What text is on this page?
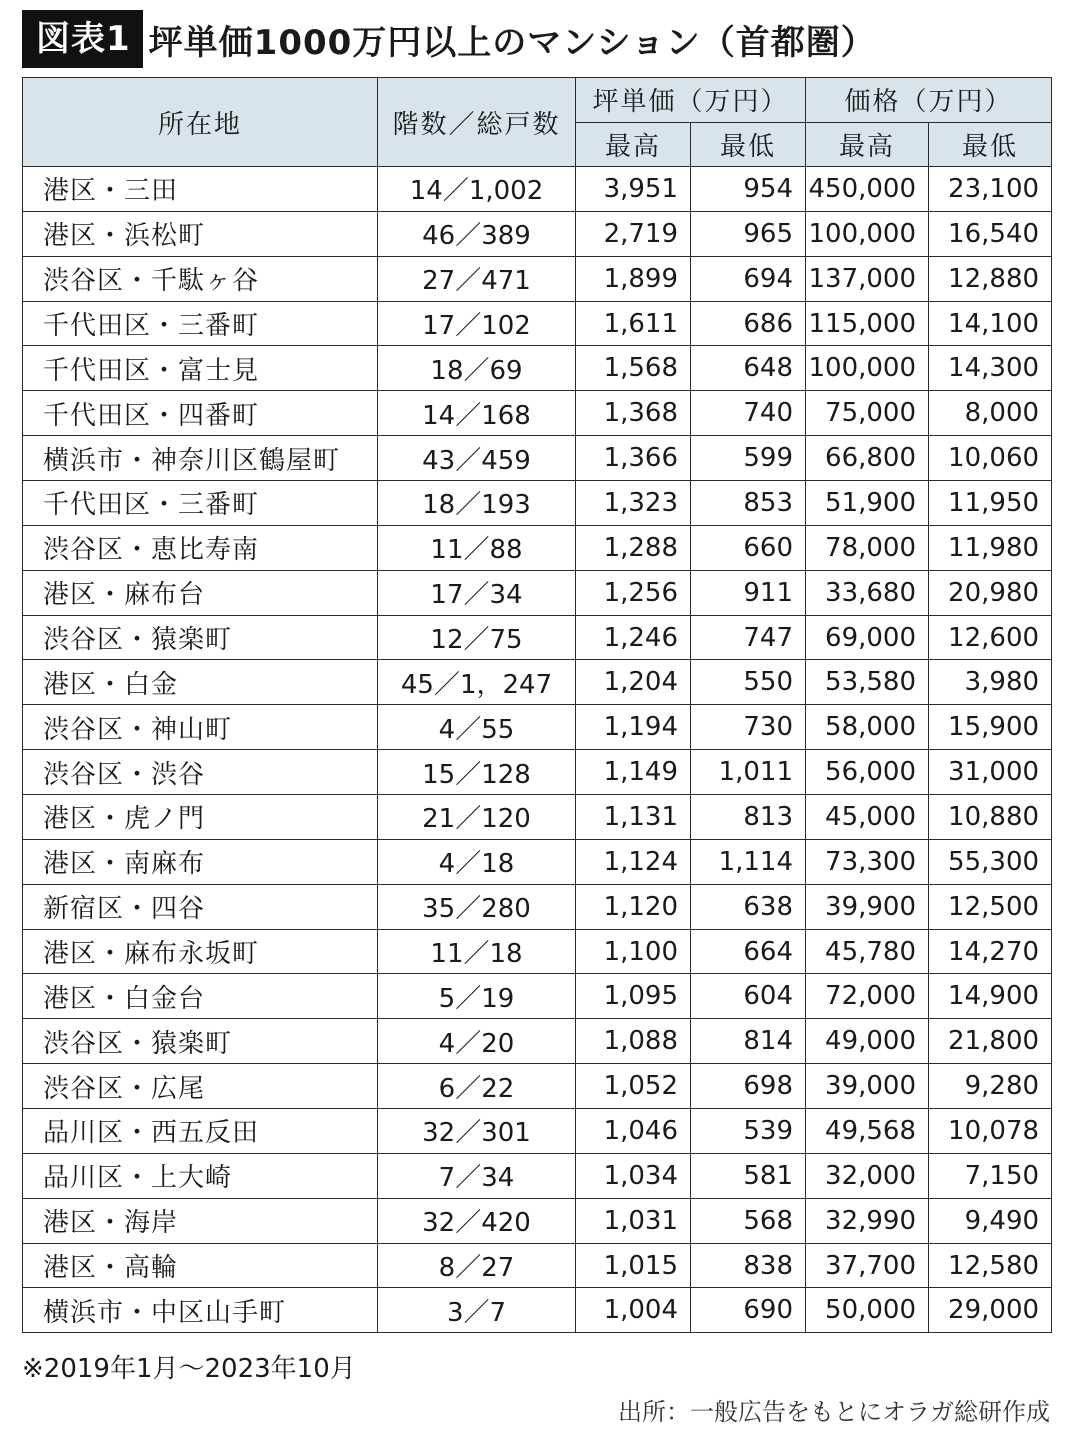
図表1 坪単価1000万円以上のマンション（首都圏）
所在地	階数／総戸数	坪単価（万円）		価格（万円）	
		最高	最低	最高	最低
港区・三田	14／1,002	3,951	954	450,000	23,100
港区・浜松町	46／389	2,719	965	100,000	16,540
渋谷区・千駄ヶ谷	27／471	1,899	694	137,000	12,880
千代田区・三番町	17／102	1,611	686	115,000	14,100
千代田区・富士見	18／69	1,568	648	100,000	14,300
千代田区・四番町	14／168	1,368	740	75,000	8,000
横浜市・神奈川区鶴屋町	43／459	1,366	599	66,800	10,060
千代田区・三番町	18／193	1,323	853	51,900	11,950
渋谷区・恵比寿南	11／88	1,288	660	78,000	11,980
港区・麻布台	17／34	1,256	911	33,680	20,980
渋谷区・猿楽町	12／75	1,246	747	69,000	12,600
港区・白金	45／1，247	1,204	550	53,580	3,980
渋谷区・神山町	4／55	1,194	730	58,000	15,900
渋谷区・渋谷	15／128	1,149	1,011	56,000	31,000
港区・虎ノ門	21／120	1,131	813	45,000	10,880
港区・南麻布	4／18	1,124	1,114	73,300	55,300
新宿区・四谷	35／280	1,120	638	39,900	12,500
港区・麻布永坂町	11／18	1,100	664	45,780	14,270
港区・白金台	5／19	1,095	604	72,000	14,900
渋谷区・猿楽町	4／20	1,088	814	49,000	21,800
渋谷区・広尾	6／22	1,052	698	39,000	9,280
品川区・西五反田	32／301	1,046	539	49,568	10,078
品川区・上大崎	7／34	1,034	581	32,000	7,150
港区・海岸	32／420	1,031	568	32,990	9,490
港区・高輪	8／27	1,015	838	37,700	12,580
横浜市・中区山手町	3／7	1,004	690	50,000	29,000
※2019年1月～2023年10月
出所：一般広告をもとにオラガ総研作成
